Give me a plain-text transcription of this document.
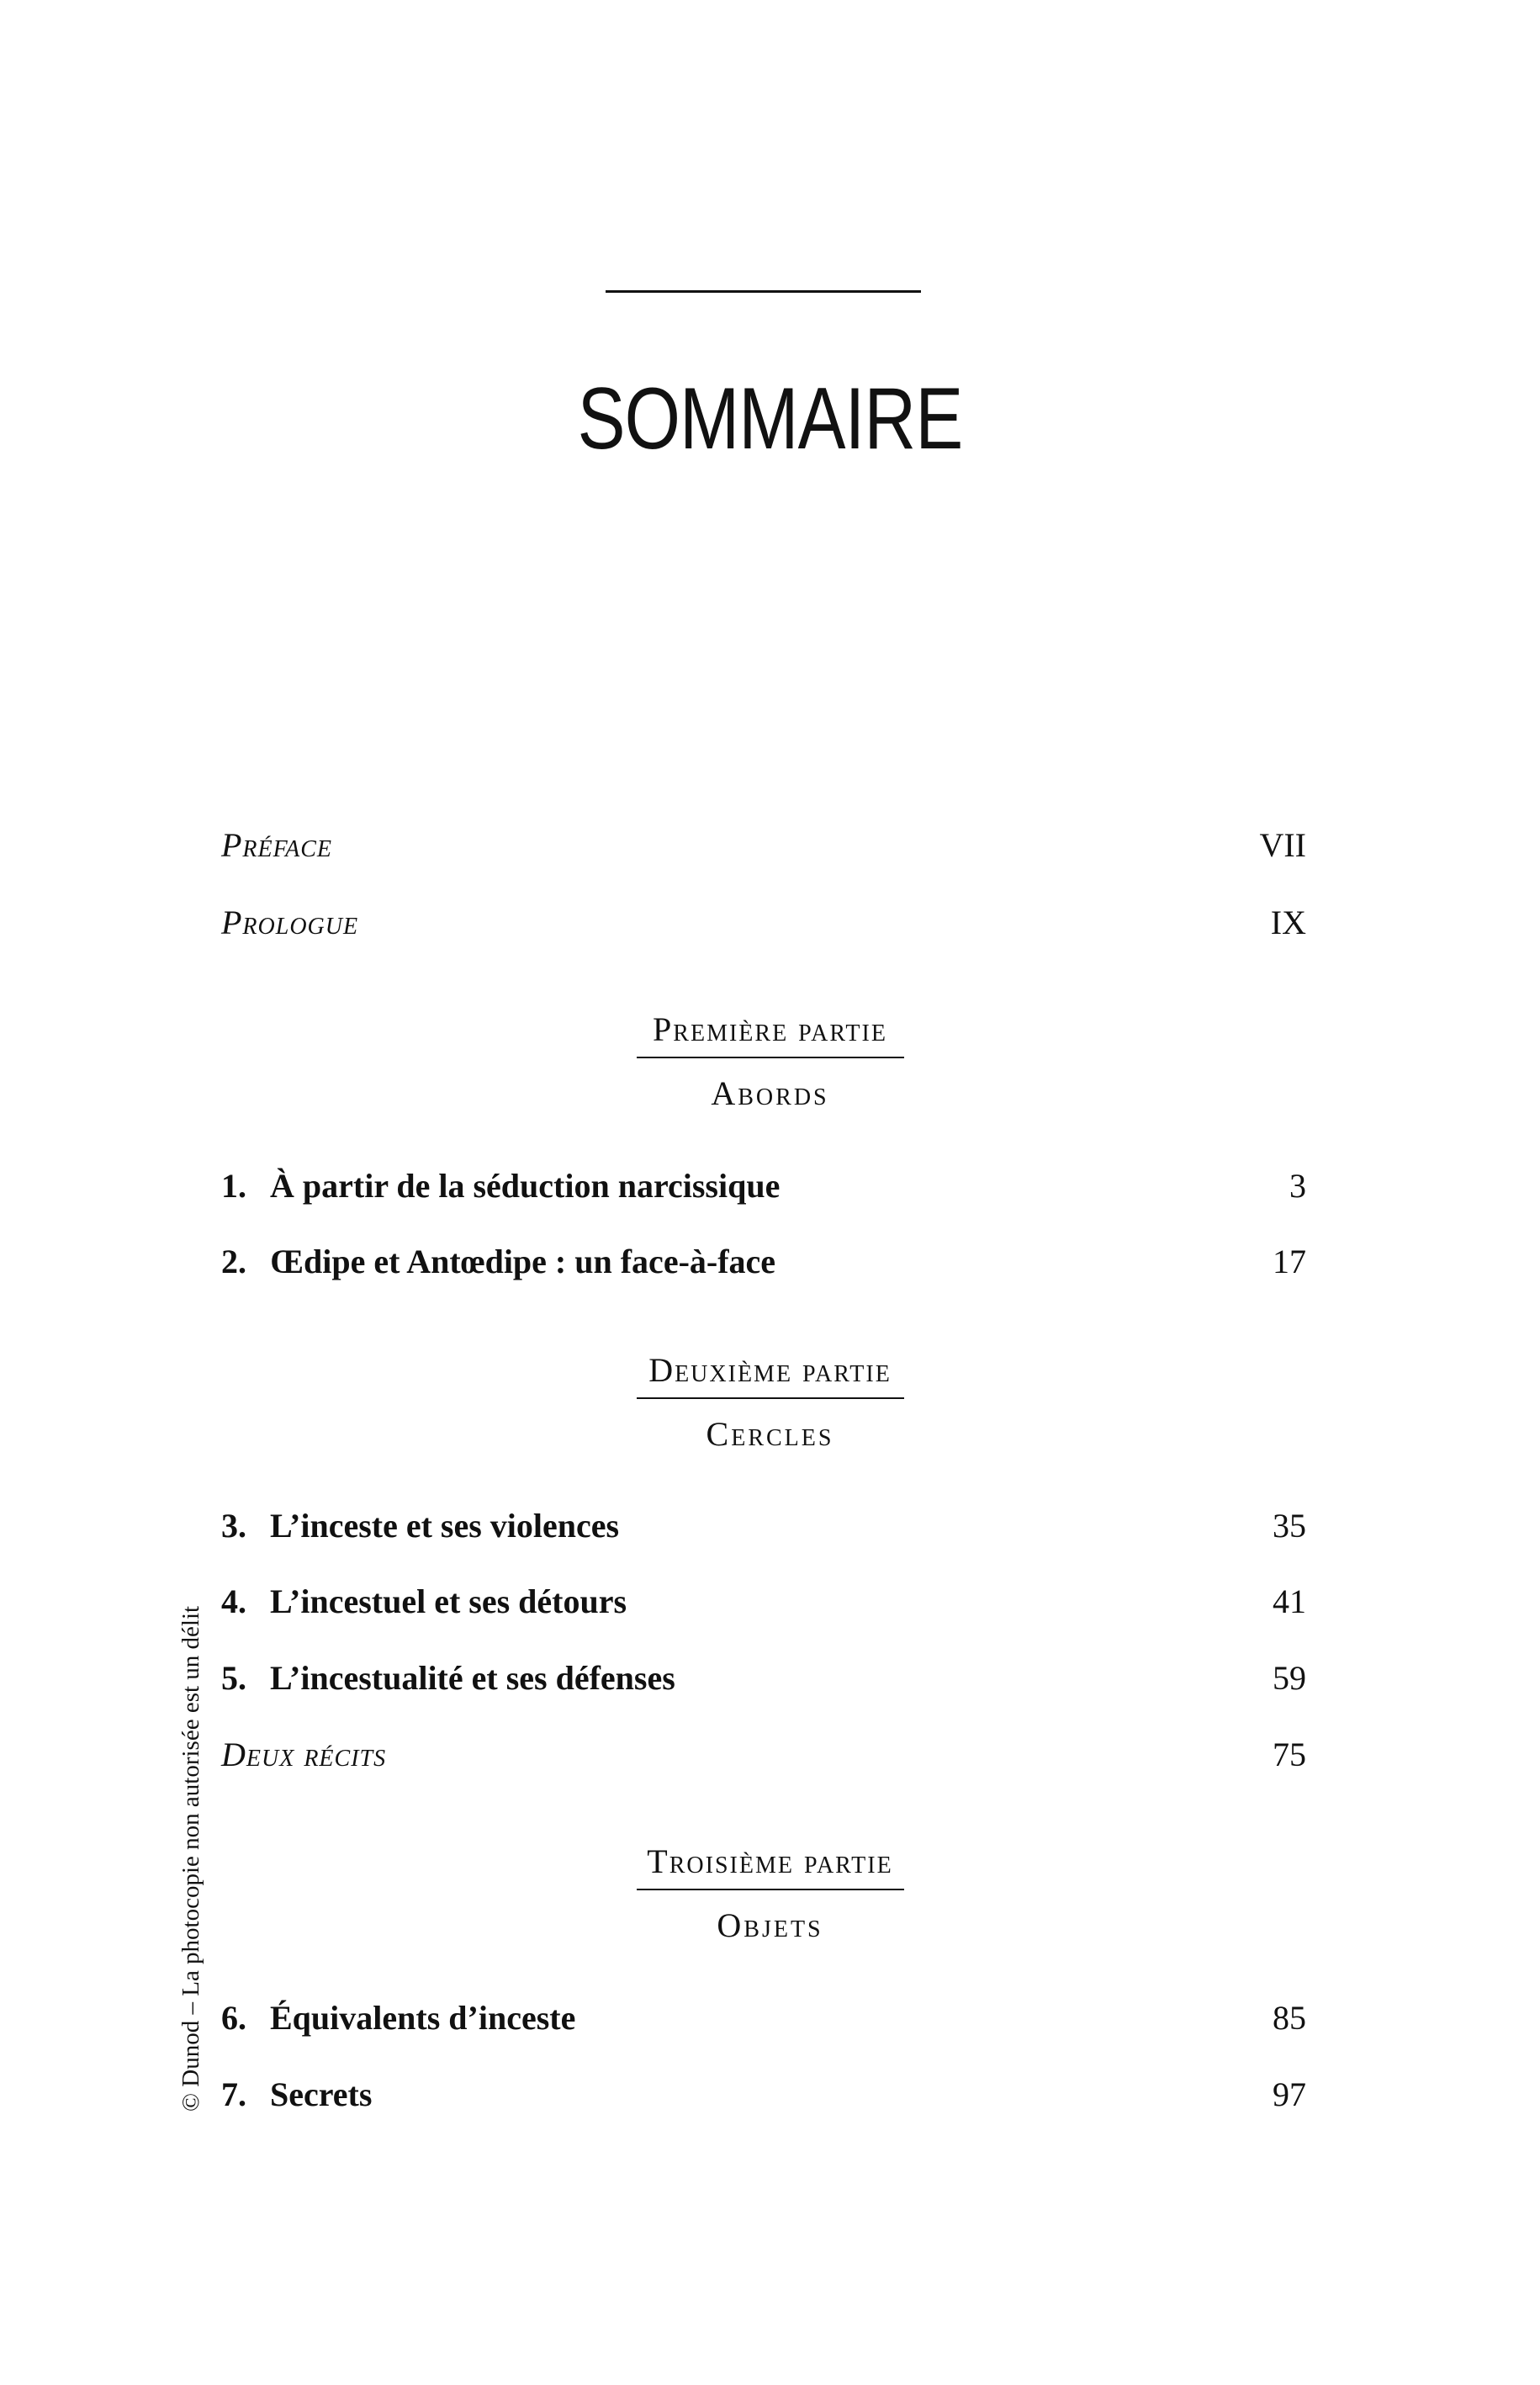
SOMMAIRE
Préface	VII
Prologue	IX
Première partie
Abords
1. À partir de la séduction narcissique	3
2. Œdipe et Antœdipe : un face-à-face	17
Deuxième partie
Cercles
3. L’inceste et ses violences	35
4. L’incestuel et ses détours	41
5. L’incestualité et ses défenses	59
Deux récits	75
Troisième partie
Objets
6. Équivalents d’inceste	85
7. Secrets	97
© Dunod – La photocopie non autorisée est un délit
